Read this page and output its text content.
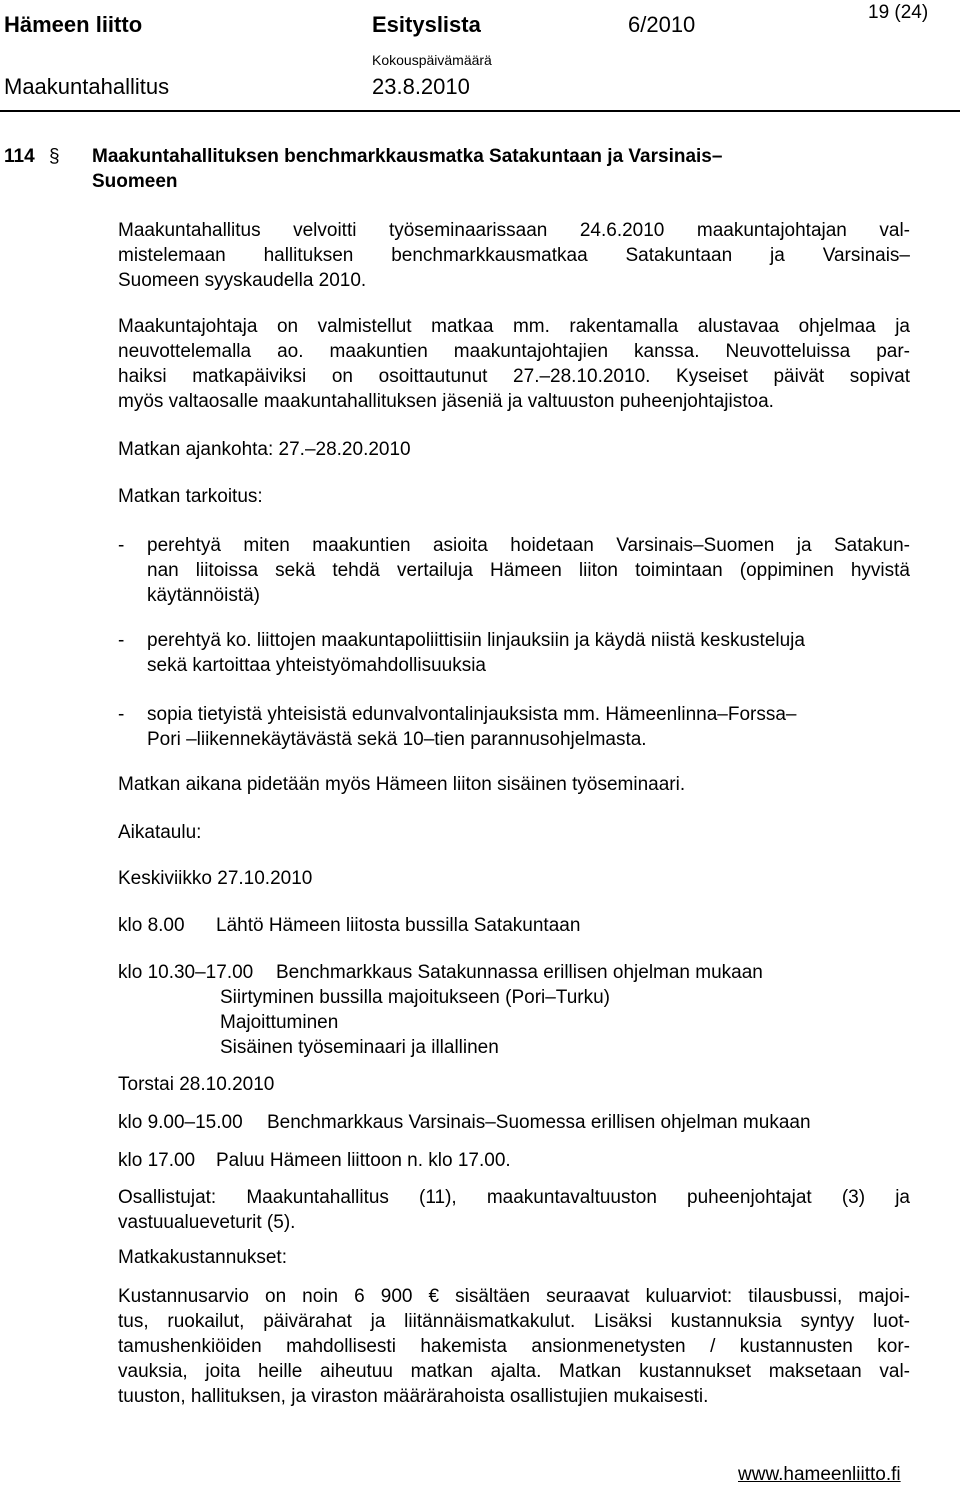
Hämeen liitto	Esityslista	6/2010	19 (24)
Maakuntahallitus
Kokouspäivämäärä
23.8.2010
114 § Maakuntahallituksen benchmarkkausmatka Satakuntaan ja Varsinais–
Suomeen
Maakuntahallitus velvoitti työseminaarissaan 24.6.2010 maakuntajohtajan val-
mistelemaan hallituksen benchmarkkausmatkaa Satakuntaan ja Varsinais–
Suomeen syyskaudella 2010.
Maakuntajohtaja on valmistellut matkaa mm. rakentamalla alustavaa ohjelmaa ja
neuvottelemalla ao. maakuntien maakuntajohtajien kanssa. Neuvotteluissa par-
haiksi matkapäiviksi on osoittautunut 27.–28.10.2010. Kyseiset päivät sopivat
myös valtaosalle maakuntahallituksen jäseniä ja valtuuston puheenjohtajistoa.
Matkan ajankohta: 27.–28.20.2010
Matkan tarkoitus:
- perehtyä miten maakuntien asioita hoidetaan Varsinais–Suomen ja Satakun-
nan liitoissa sekä tehdä vertailuja Hämeen liiton toimintaan (oppiminen hyvistä
käytännöistä)
- perehtyä ko. liittojen maakuntapoliittisiin linjauksiin ja käydä niistä keskusteluja
sekä kartoittaa yhteistyömahdollisuuksia
- sopia tietyistä yhteisistä edunvalvontalinjauksista mm. Hämeenlinna–Forssa–
Pori –liikennekäytävästä sekä 10–tien parannusohjelmasta.
Matkan aikana pidetään myös Hämeen liiton sisäinen työseminaari.
Aikataulu:
Keskiviikko 27.10.2010
klo 8.00 Lähtö Hämeen liitosta bussilla Satakuntaan
klo 10.30–17.00 Benchmarkkaus Satakunnassa erillisen ohjelman mukaan
Siirtyminen bussilla majoitukseen (Pori–Turku)
Majoittuminen
Sisäinen työseminaari ja illallinen
Torstai 28.10.2010
klo 9.00–15.00 Benchmarkkaus Varsinais–Suomessa erillisen ohjelman mukaan
klo 17.00 Paluu Hämeen liittoon n. klo 17.00.
Osallistujat: Maakuntahallitus (11), maakuntavaltuuston puheenjohtajat (3) ja
vastuualueveturit (5).
Matkakustannukset:
Kustannusarvio on noin 6 900 € sisältäen seuraavat kuluarviot: tilausbussi, majoi-
tus, ruokailut, päivärahat ja liitännäismatkakulut. Lisäksi kustannuksia syntyy luot-
tamushenkiöiden mahdollisesti hakemista ansionmenetysten / kustannusten kor-
vauksia, joita heille aiheutuu matkan ajalta. Matkan kustannukset maksetaan val-
tuuston, hallituksen, ja viraston määrärahoista osallistujien mukaisesti.
www.hameenliitto.fi
